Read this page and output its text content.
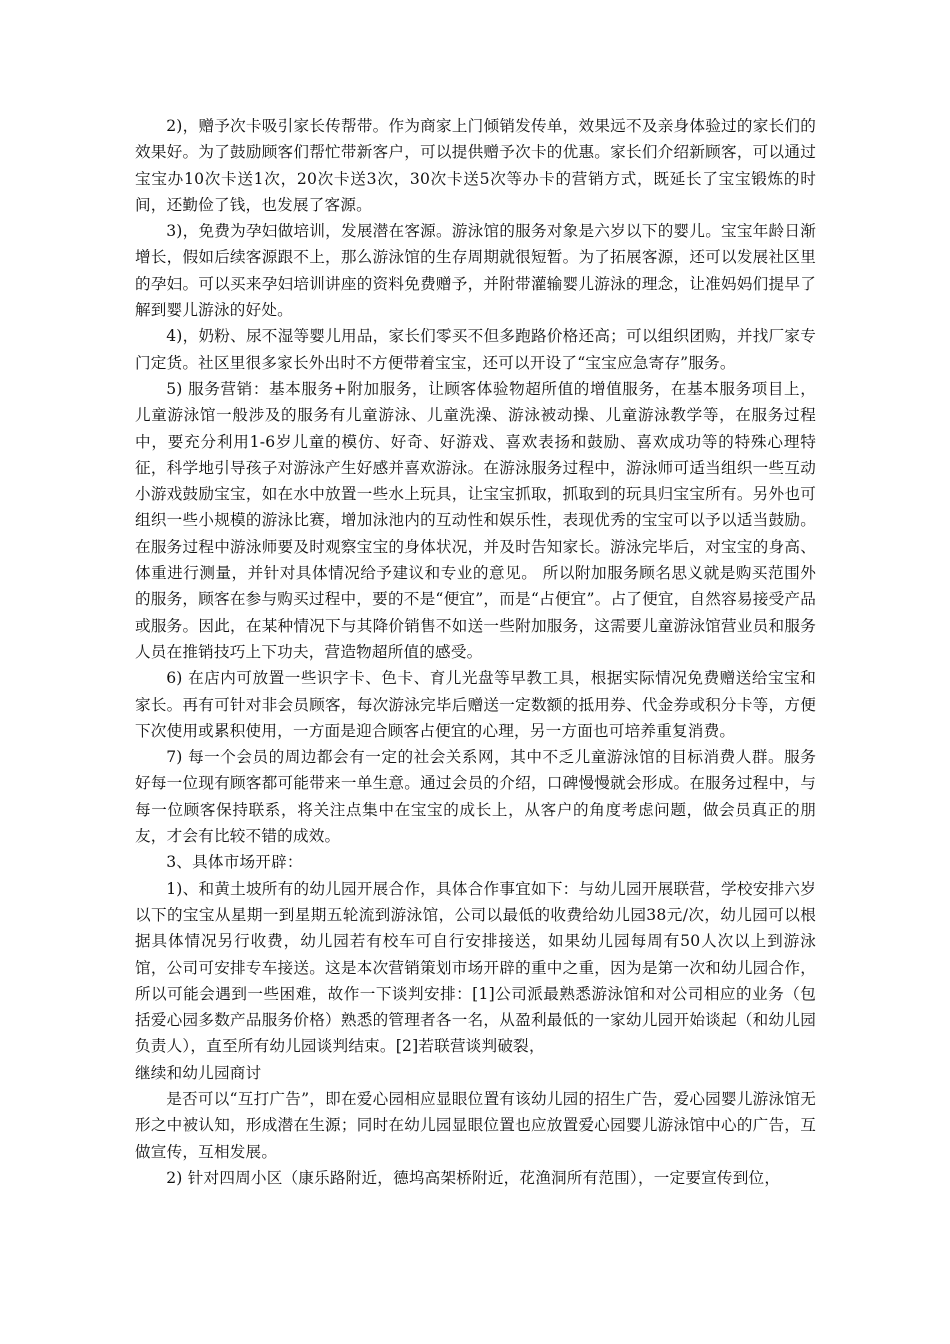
2)，赠予次卡吸引家长传帮带。作为商家上门倾销发传单，效果远不及亲身体验过的家长们的效果好。为了鼓励顾客们帮忙带新客户，可以提供赠予次卡的优惠。家长们介绍新顾客，可以通过宝宝办10次卡送1次，20次卡送3次，30次卡送5次等办卡的营销方式，既延长了宝宝锻炼的时间，还勤俭了钱，也发展了客源。

3)，免费为孕妇做培训，发展潜在客源。游泳馆的服务对象是六岁以下的婴儿。宝宝年龄日渐增长，假如后续客源跟不上，那么游泳馆的生存周期就很短暂。为了拓展客源，还可以发展社区里的孕妇。可以买来孕妇培训讲座的资料免费赠予，并附带灌输婴儿游泳的理念，让准妈妈们提早了解到婴儿游泳的好处。

4)，奶粉、尿不湿等婴儿用品，家长们零买不但多跑路价格还高；可以组织团购，并找厂家专门定货。社区里很多家长外出时不方便带着宝宝，还可以开设了“宝宝应急寄存”服务。

5) 服务营销：基本服务+附加服务，让顾客体验物超所值的增值服务，在基本服务项目上，儿童游泳馆一般涉及的服务有儿童游泳、儿童洗澡、游泳被动操、儿童游泳教学等，在服务过程中，要充分利用1-6岁儿童的模仿、好奇、好游戏、喜欢表扬和鼓励、喜欢成功等的特殊心理特征，科学地引导孩子对游泳产生好感并喜欢游泳。在游泳服务过程中，游泳师可适当组织一些互动小游戏鼓励宝宝，如在水中放置一些水上玩具，让宝宝抓取，抓取到的玩具归宝宝所有。另外也可组织一些小规模的游泳比赛，增加泳池内的互动性和娱乐性，表现优秀的宝宝可以予以适当鼓励。在服务过程中游泳师要及时观察宝宝的身体状况，并及时告知家长。游泳完毕后，对宝宝的身高、体重进行测量，并针对具体情况给予建议和专业的意见。 所以附加服务顾名思义就是购买范围外的服务，顾客在参与购买过程中，要的不是“便宜”，而是“占便宜”。占了便宜，自然容易接受产品或服务。因此，在某种情况下与其降价销售不如送一些附加服务，这需要儿童游泳馆营业员和服务人员在推销技巧上下功夫，营造物超所值的感受。

6) 在店内可放置一些识字卡、色卡、育儿光盘等早教工具，根据实际情况免费赠送给宝宝和家长。再有可针对非会员顾客，每次游泳完毕后赠送一定数额的抵用券、代金券或积分卡等，方便下次使用或累积使用，一方面是迎合顾客占便宜的心理，另一方面也可培养重复消费。

7) 每一个会员的周边都会有一定的社会关系网，其中不乏儿童游泳馆的目标消费人群。服务好每一位现有顾客都可能带来一单生意。通过会员的介绍，口碑慢慢就会形成。在服务过程中，与每一位顾客保持联系，将关注点集中在宝宝的成长上，从客户的角度考虑问题，做会员真正的朋友，才会有比较不错的成效。

3、具体市场开辟：

1)、和黄土坡所有的幼儿园开展合作，具体合作事宜如下：与幼儿园开展联营，学校安排六岁以下的宝宝从星期一到星期五轮流到游泳馆，公司以最低的收费给幼儿园38元/次，幼儿园可以根据具体情况另行收费，幼儿园若有校车可自行安排接送，如果幼儿园每周有50人次以上到游泳馆，公司可安排专车接送。这是本次营销策划市场开辟的重中之重，因为是第一次和幼儿园合作，所以可能会遇到一些困难，故作一下谈判安排：[1]公司派最熟悉游泳馆和对公司相应的业务（包括爱心园多数产品服务价格）熟悉的管理者各一名，从盈利最低的一家幼儿园开始谈起（和幼儿园负责人），直至所有幼儿园谈判结束。[2]若联营谈判破裂，

继续和幼儿园商讨

是否可以“互打广告”，即在爱心园相应显眼位置有该幼儿园的招生广告，爱心园婴儿游泳馆无形之中被认知，形成潜在生源；同时在幼儿园显眼位置也应放置爱心园婴儿游泳馆中心的广告，互做宣传，互相发展。

2) 针对四周小区（康乐路附近，德坞高架桥附近，花渔洞所有范围），一定要宣传到位，
